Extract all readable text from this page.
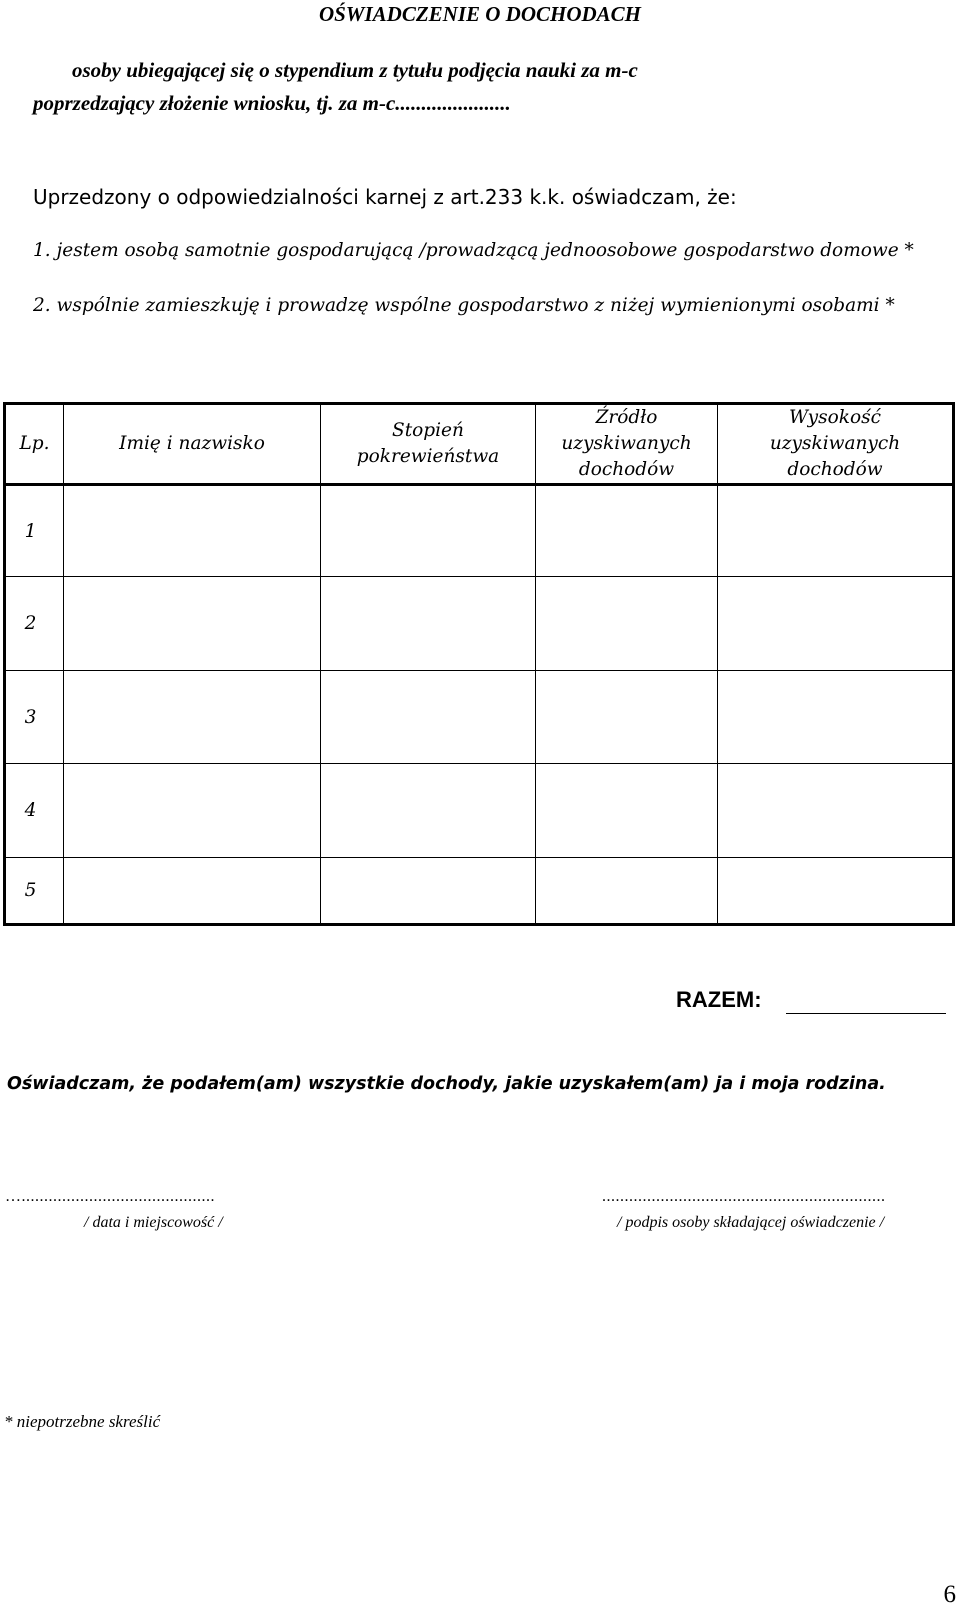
OŚWIADCZENIE O DOCHODACH
osoby ubiegającej się o stypendium z tytułu podjęcia nauki za m-c
poprzedzający złożenie wniosku, tj. za m-c......................
Uprzedzony o odpowiedzialności karnej z art.233 k.k. oświadczam, że:
1. jestem osobą samotnie gospodarującą /prowadzącą jednoosobowe gospodarstwo domowe *
2. wspólnie zamieszkuję i prowadzę wspólne gospodarstwo z niżej wymienionymi osobami *
Lp.	Imię i nazwisko
Stopień
pokrewieństwa
Źródło
uzyskiwanych
dochodów
Wysokość
uzyskiwanych
dochodów
1
2
3
4
5
RAZEM:
Oświadczam, że podałem(am) wszystkie dochody, jakie uzyskałem(am) ja i moja rodzina.
…...........................................
/ data i miejscowość /
...............................................................
/ podpis osoby składającej oświadczenie /
* niepotrzebne skreślić
6
